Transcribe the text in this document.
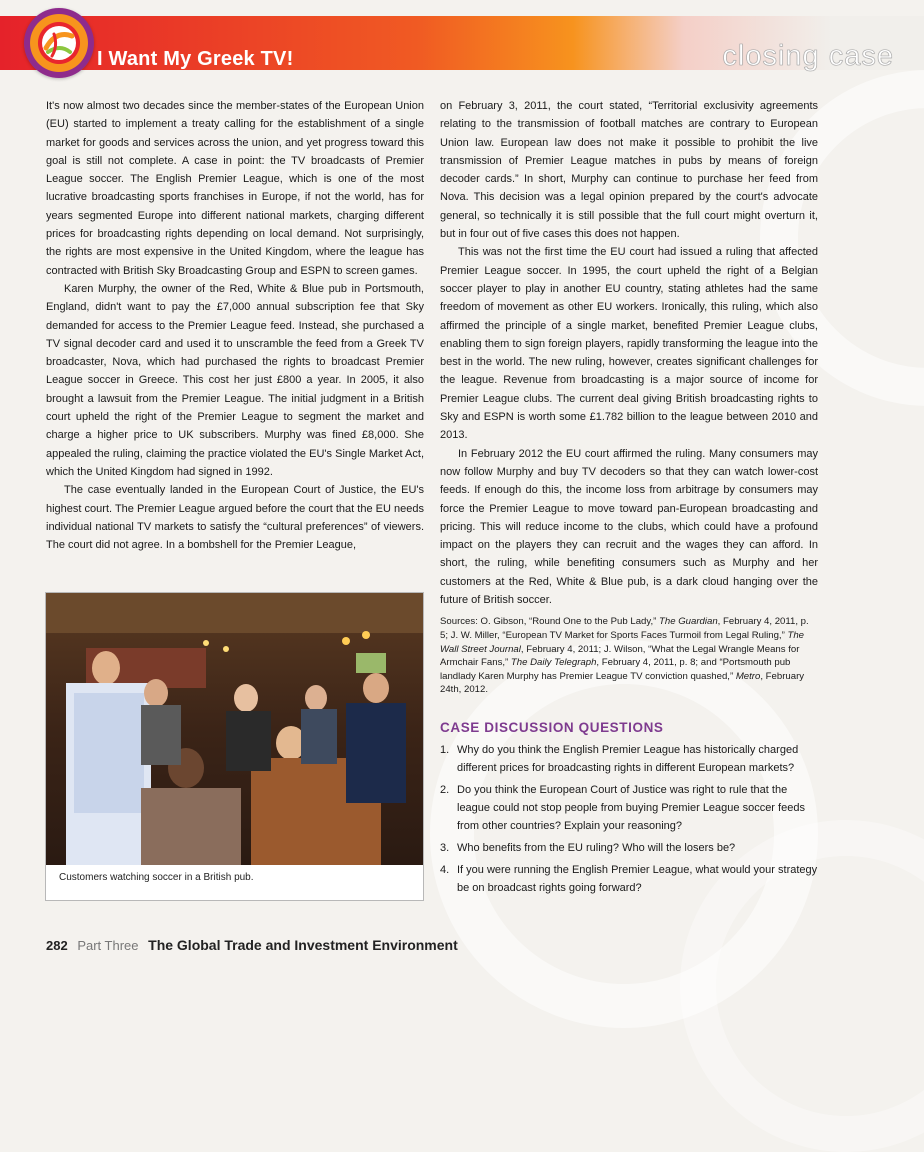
I Want My Greek TV!	closing case

It's now almost two decades since the member-states of the European Union (EU) started to implement a treaty calling for the establishment of a single market for goods and services across the union, and yet progress toward this goal is still not complete. A case in point: the TV broadcasts of Premier League soccer. The English Premier League, which is one of the most lucrative broadcasting sports franchises in Europe, if not the world, has for years segmented Europe into different national markets, charging different prices for broadcasting rights depending on local demand. Not surprisingly, the rights are most expensive in the United Kingdom, where the league has contracted with British Sky Broadcasting Group and ESPN to screen games.

Karen Murphy, the owner of the Red, White & Blue pub in Portsmouth, England, didn't want to pay the £7,000 annual subscription fee that Sky demanded for access to the Premier League feed. Instead, she purchased a TV signal decoder card and used it to unscramble the feed from a Greek TV broadcaster, Nova, which had purchased the rights to broadcast Premier League soccer in Greece. This cost her just £800 a year. In 2005, it also brought a lawsuit from the Premier League. The initial judgment in a British court upheld the right of the Premier League to segment the market and charge a higher price to UK subscribers. Murphy was fined £8,000. She appealed the ruling, claiming the practice violated the EU's Single Market Act, which the United Kingdom had signed in 1992.

The case eventually landed in the European Court of Justice, the EU's highest court. The Premier League argued before the court that the EU needs individual national TV markets to satisfy the “cultural preferences” of viewers. The court did not agree. In a bombshell for the Premier League,

Customers watching soccer in a British pub.

on February 3, 2011, the court stated, “Territorial exclusivity agreements relating to the transmission of football matches are contrary to European Union law. European law does not make it possible to prohibit the live transmission of Premier League matches in pubs by means of foreign decoder cards.” In short, Murphy can continue to purchase her feed from Nova. This decision was a legal opinion prepared by the court's advocate general, so technically it is still possible that the full court might overturn it, but in four out of five cases this does not happen.

This was not the first time the EU court had issued a ruling that affected Premier League soccer. In 1995, the court upheld the right of a Belgian soccer player to play in another EU country, stating athletes had the same freedom of movement as other EU workers. Ironically, this ruling, which also affirmed the principle of a single market, benefited Premier League clubs, enabling them to sign foreign players, rapidly transforming the league into the best in the world. The new ruling, however, creates significant challenges for the league. Revenue from broadcasting is a major source of income for Premier League clubs. The current deal giving British broadcasting rights to Sky and ESPN is worth some £1.782 billion to the league between 2010 and 2013.

In February 2012 the EU court affirmed the ruling. Many consumers may now follow Murphy and buy TV decoders so that they can watch lower-cost feeds. If enough do this, the income loss from arbitrage by consumers may force the Premier League to move toward pan-European broadcasting and pricing. This will reduce income to the clubs, which could have a profound impact on the players they can recruit and the wages they can afford. In short, the ruling, while benefiting consumers such as Murphy and her customers at the Red, White & Blue pub, is a dark cloud hanging over the future of British soccer.

Sources: O. Gibson, “Round One to the Pub Lady,” The Guardian, February 4, 2011, p. 5; J. W. Miller, “European TV Market for Sports Faces Turmoil from Legal Ruling,” The Wall Street Journal, February 4, 2011; J. Wilson, “What the Legal Wrangle Means for Armchair Fans,” The Daily Telegraph, February 4, 2011, p. 8; and “Portsmouth pub landlady Karen Murphy has Premier League TV conviction quashed,” Metro, February 24th, 2012.
CASE DISCUSSION QUESTIONS
1. Why do you think the English Premier League has historically charged different prices for broadcasting rights in different European markets?
2. Do you think the European Court of Justice was right to rule that the league could not stop people from buying Premier League soccer feeds from other countries? Explain your reasoning?
3. Who benefits from the EU ruling? Who will the losers be?
4. If you were running the English Premier League, what would your strategy be on broadcast rights going forward?
282 Part Three The Global Trade and Investment Environment
